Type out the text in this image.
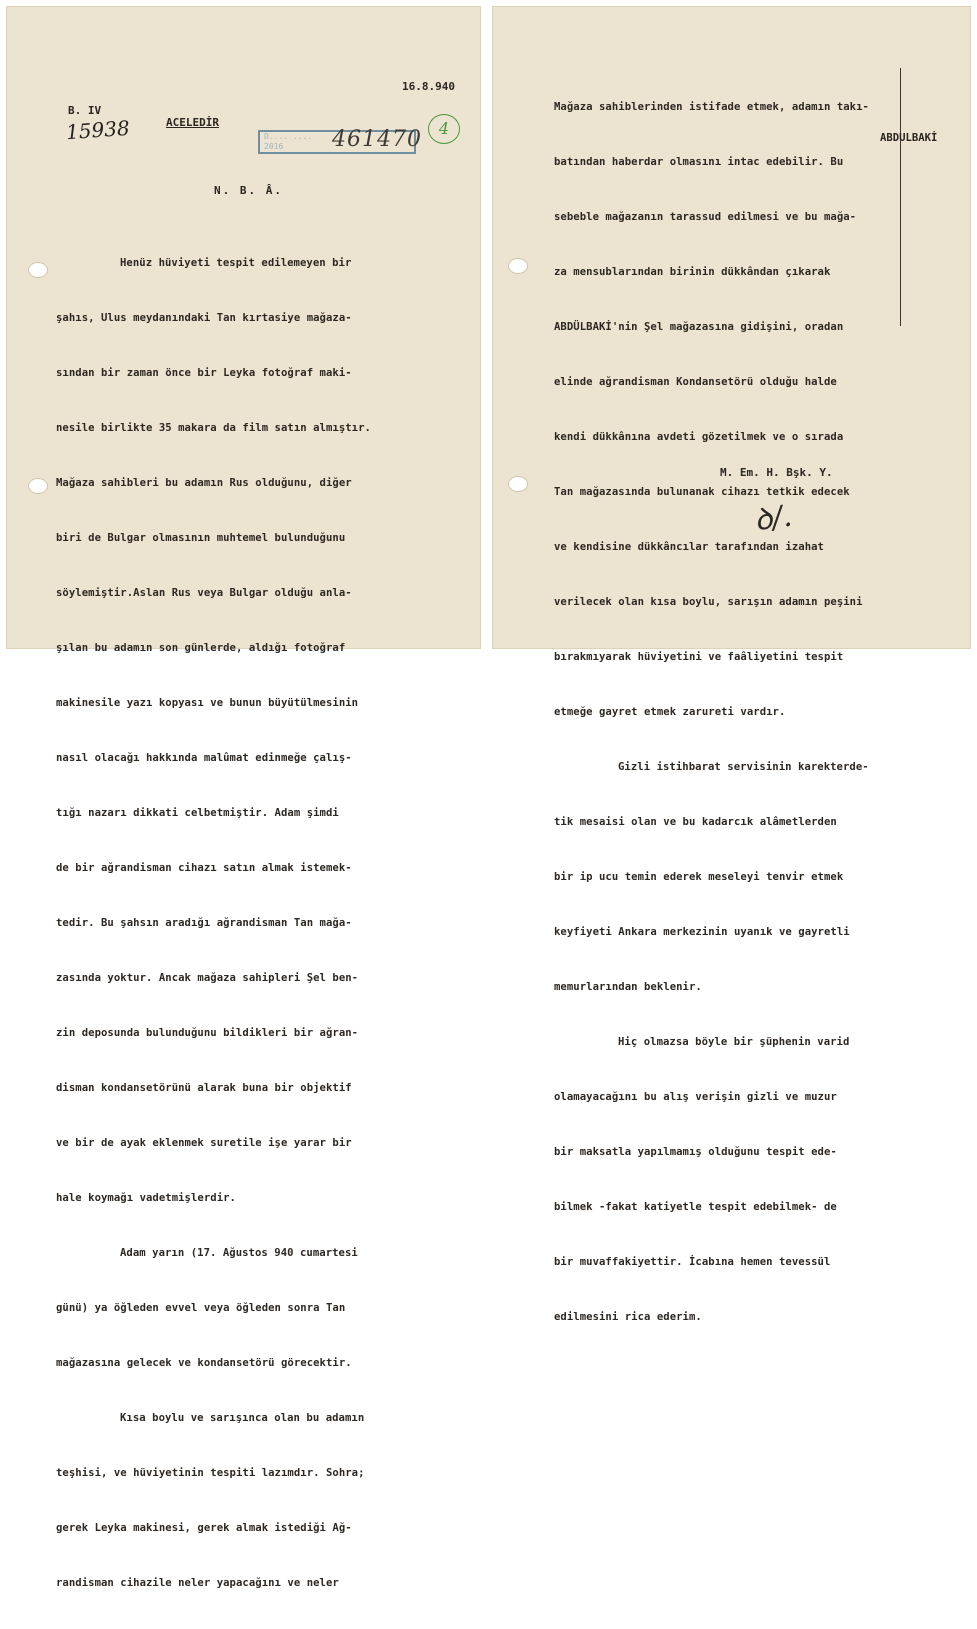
16.8.940
B. IV
15938	ACELEDİR
D.... ....
2016	461470	4
N. B. Â.

Henüz hüviyeti tespit edilemeyen bir

şahıs, Ulus meydanındaki Tan kırtasiye mağaza-

sından bir zaman önce bir Leyka fotoğraf maki-

nesile birlikte 35 makara da film satın almıştır.

Mağaza sahibleri bu adamın Rus olduğunu, diğer

biri de Bulgar olmasının muhtemel bulunduğunu

söylemiştir.Aslan Rus veya Bulgar olduğu anla-

şılan bu adamın son günlerde, aldığı fotoğraf

makinesile yazı kopyası ve bunun büyütülmesinin

nasıl olacağı hakkında malûmat edinmeğe çalış-

tığı nazarı dikkati celbetmiştir. Adam şimdi

de bir ağrandisman cihazı satın almak istemek-

tedir. Bu şahsın aradığı ağrandisman Tan mağa-

zasında yoktur. Ancak mağaza sahipleri Şel ben-

zin deposunda bulunduğunu bildikleri bir ağran-

disman kondansetörünü alarak buna bir objektif

ve bir de ayak eklenmek suretile işe yarar bir

hale koymağı vadetmişlerdir.

Adam yarın (17. Ağustos 940 cumartesi

günü) ya öğleden evvel veya öğleden sonra Tan

mağazasına gelecek ve kondansetörü görecektir.

Kısa boylu ve sarışınca olan bu adamın

teşhisi, ve hüviyetinin tespiti lazımdır. Sohra;

gerek Leyka makinesi, gerek almak istediği Ağ-

randisman cihazile neler yapacağını ve neler

Mağaza sahiblerinden istifade etmek, adamın takı-

batından haberdar olmasını intac edebilir. Bu

sebeble mağazanın tarassud edilmesi ve bu mağa-

za mensublarından birinin dükkândan çıkarak

ABDÜLBAKİ'nin Şel mağazasına gidişini, oradan

elinde ağrandisman Kondansetörü olduğu halde

kendi dükkânına avdeti gözetilmek ve o sırada

Tan mağazasında bulunanak cihazı tetkik edecek

ve kendisine dükkâncılar tarafından izahat

verilecek olan kısa boylu, sarışın adamın peşini

bırakmıyarak hüviyetini ve faâliyetini tespit

etmeğe gayret etmek zarureti vardır.

Gizli istihbarat servisinin karekterde-

tik mesaisi olan ve bu kadarcık alâmetlerden

bir ip ucu temin ederek meseleyi tenvir etmek

keyfiyeti Ankara merkezinin uyanık ve gayretli

memurlarından beklenir.

Hiç olmazsa böyle bir şüphenin varid

olamayacağını bu alış verişin gizli ve muzur

bir maksatla yapılmamış olduğunu tespit ede-

bilmek -fakat katiyetle tespit edebilmek- de

bir muvaffakiyettir. İcabına hemen tevessül

edilmesini rica ederim.

ABDULBAKİ
M. Em. H. Bşk. Y.
ꝺ/.
